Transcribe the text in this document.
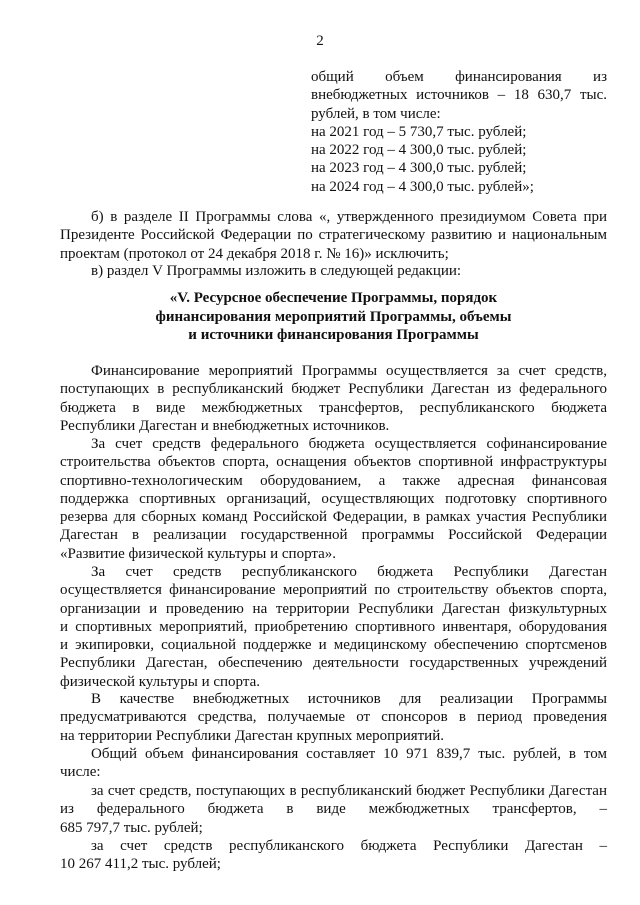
2
общий объем финансирования из
внебюджетных источников – 18 630,7 тыс.
рублей, в том числе:
на 2021 год – 5 730,7 тыс. рублей;
на 2022 год – 4 300,0 тыс. рублей;
на 2023 год – 4 300,0 тыс. рублей;
на 2024 год – 4 300,0 тыс. рублей»;
б) в разделе II Программы слова «, утвержденного президиумом Совета при
Президенте Российской Федерации по стратегическому развитию и национальным
проектам (протокол от 24 декабря 2018 г. № 16)» исключить;
в) раздел V Программы изложить в следующей редакции:
«V. Ресурсное обеспечение Программы, порядок
финансирования мероприятий Программы, объемы
и источники финансирования Программы
Финансирование мероприятий Программы осуществляется за счет средств,
поступающих в республиканский бюджет Республики Дагестан из федерального
бюджета в виде межбюджетных трансфертов, республиканского бюджета
Республики Дагестан и внебюджетных источников.
За счет средств федерального бюджета осуществляется софинансирование
строительства объектов спорта, оснащения объектов спортивной инфраструктуры
спортивно-технологическим оборудованием, а также адресная финансовая
поддержка спортивных организаций, осуществляющих подготовку спортивного
резерва для сборных команд Российской Федерации, в рамках участия Республики
Дагестан в реализации государственной программы Российской Федерации
«Развитие физической культуры и спорта».
За счет средств республиканского бюджета Республики Дагестан
осуществляется финансирование мероприятий по строительству объектов спорта,
организации и проведению на территории Республики Дагестан физкультурных
и спортивных мероприятий, приобретению спортивного инвентаря, оборудования
и экипировки, социальной поддержке и медицинскому обеспечению спортсменов
Республики Дагестан, обеспечению деятельности государственных учреждений
физической культуры и спорта.
В качестве внебюджетных источников для реализации Программы
предусматриваются средства, получаемые от спонсоров в период проведения
на территории Республики Дагестан крупных мероприятий.
Общий объем финансирования составляет 10 971 839,7 тыс. рублей, в том
числе:
за счет средств, поступающих в республиканский бюджет Республики Дагестан
из федерального бюджета в виде межбюджетных трансфертов, –
685 797,7 тыс. рублей;
за счет средств республиканского бюджета Республики Дагестан –
10 267 411,2 тыс. рублей;
